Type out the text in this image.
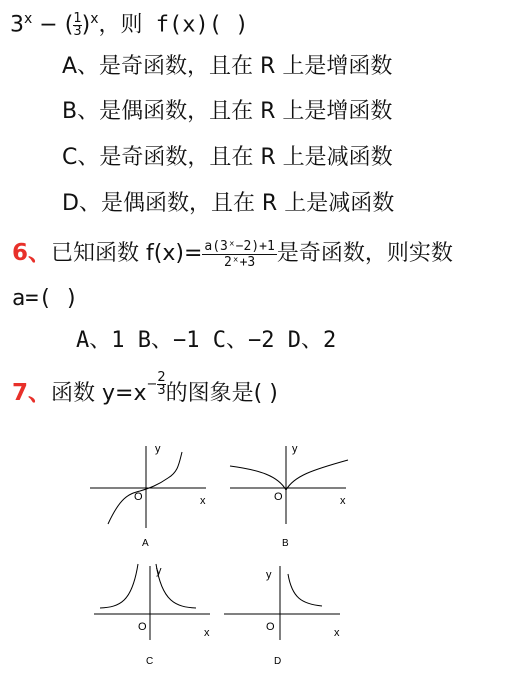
$3^x$ − ( $\frac{1}{3} )^x$，则 f(x)( )
A、是奇函数，且在 R 上是增函数
B、是偶函数，且在 R 上是增函数
C、是奇函数，且在 R 上是减函数
D、是偶函数，且在 R 上是减函数
6、已知函数 $f(x)= \frac{\text{a(3ˣ−2)+1}}{\text{2ˣ+3}}$ 是奇函数，则实数
a=( )
A、1 B、−1 C、−2 D、2
7、函数 $y=x- \frac{2}{3}$ 的图象是( )
y
x
O
A
y
x
O
B
y
x
O
C
y
x
O
D
